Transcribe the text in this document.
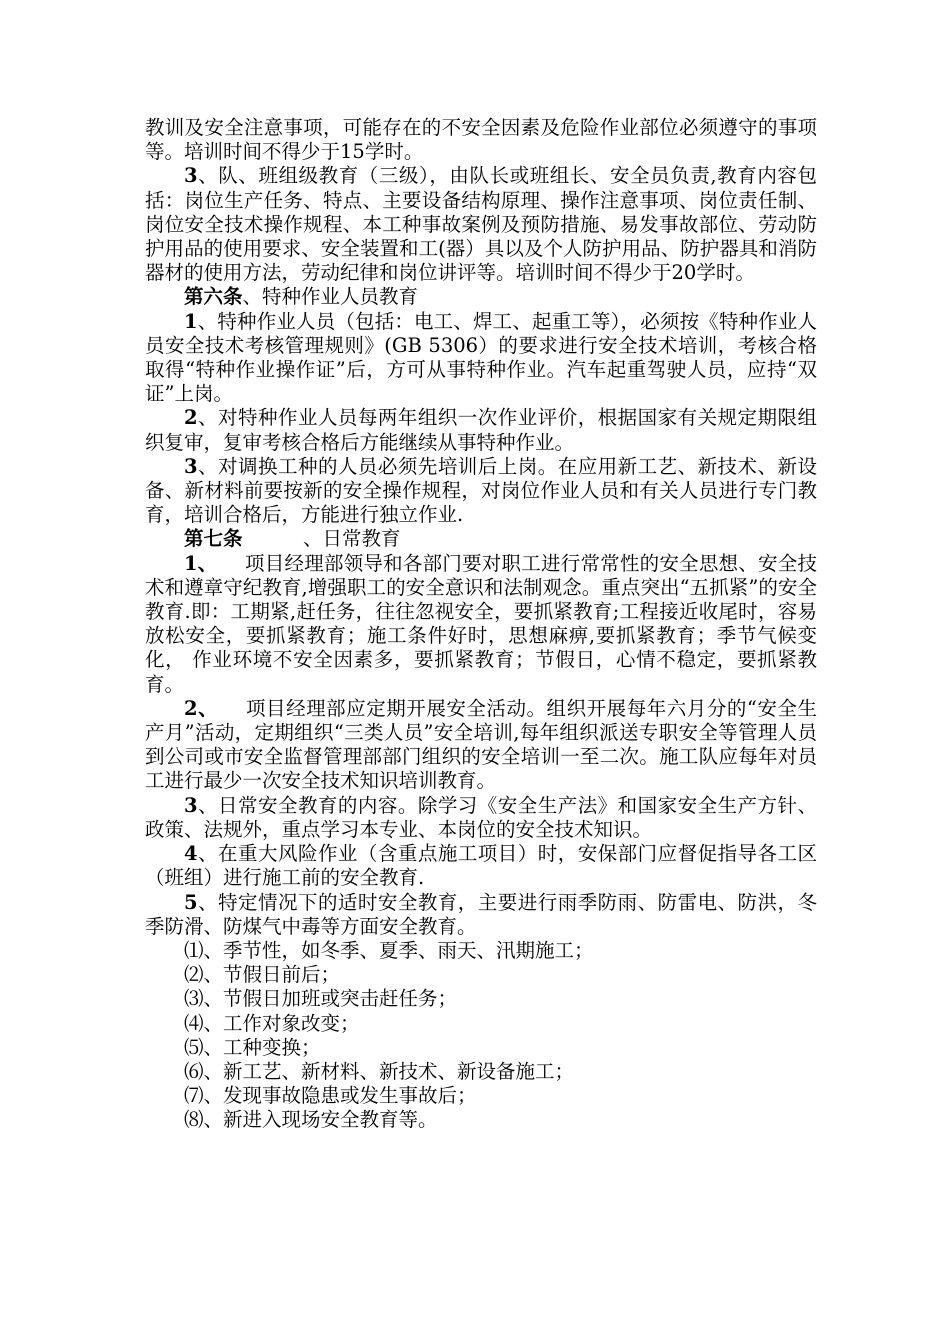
教训及安全注意事项，可能存在的不安全因素及危险作业部位必须遵守的事项等。培训时间不得少于15学时。

3、队、班组级教育（三级），由队长或班组长、安全员负责,教育内容包括：岗位生产任务、特点、主要设备结构原理、操作注意事项、岗位责任制、岗位安全技术操作规程、本工种事故案例及预防措施、易发事故部位、劳动防护用品的使用要求、安全装置和工(器）具以及个人防护用品、防护器具和消防器材的使用方法，劳动纪律和岗位讲评等。培训时间不得少于20学时。

第六条、特种作业人员教育

1、特种作业人员（包括：电工、焊工、起重工等），必须按《特种作业人员安全技术考核管理规则》(GB 5306）的要求进行安全技术培训，考核合格取得“特种作业操作证”后，方可从事特种作业。汽车起重驾驶人员，应持“双证”上岗。

2、对特种作业人员每两年组织一次作业评价，根据国家有关规定期限组织复审，复审考核合格后方能继续从事特种作业。

3、对调换工种的人员必须先培训后上岗。在应用新工艺、新技术、新设备、新材料前要按新的安全操作规程，对岗位作业人员和有关人员进行专门教育，培训合格后，方能进行独立作业.

第七条	、日常教育

1、 项目经理部领导和各部门要对职工进行常常性的安全思想、安全技术和遵章守纪教育,增强职工的安全意识和法制观念。重点突出“五抓紧”的安全教育.即：工期紧,赶任务，往往忽视安全，要抓紧教育;工程接近收尾时，容易放松安全，要抓紧教育；施工条件好时，思想麻痹,要抓紧教育；季节气候变化， 作业环境不安全因素多，要抓紧教育；节假日，心情不稳定，要抓紧教育。

2、 项目经理部应定期开展安全活动。组织开展每年六月分的“安全生产月”活动，定期组织“三类人员”安全培训,每年组织派送专职安全等管理人员到公司或市安全监督管理部部门组织的安全培训一至二次。施工队应每年对员工进行最少一次安全技术知识培训教育。

3、日常安全教育的内容。除学习《安全生产法》和国家安全生产方针、政策、法规外，重点学习本专业、本岗位的安全技术知识。

4、在重大风险作业（含重点施工项目）时，安保部门应督促指导各工区（班组）进行施工前的安全教育.

5、特定情况下的适时安全教育，主要进行雨季防雨、防雷电、防洪，冬季防滑、防煤气中毒等方面安全教育。

⑴、季节性，如冬季、夏季、雨天、汛期施工；

⑵、节假日前后；

⑶、节假日加班或突击赶任务；

⑷、工作对象改变；

⑸、工种变换；

⑹、新工艺、新材料、新技术、新设备施工；

⑺、发现事故隐患或发生事故后；

⑻、新进入现场安全教育等。
